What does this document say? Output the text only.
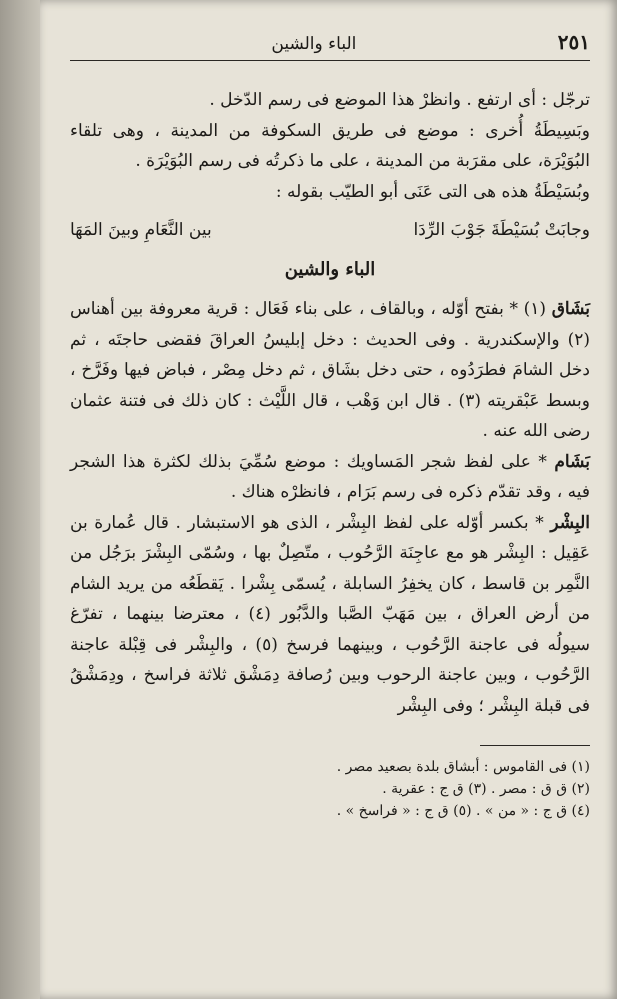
٢٥١
الباء والشين

ترجّل : أى ارتفع . وانظرْ هذا الموضع فى رسم الدّخل .

وبَسِيطَةُ أُخرى : موضع فى طريق السكوفة من المدينة ، وهى تلقاء البُوَيْرَة، على مقرَبة من المدينة ، على ما ذكرتُه فى رسم البُوَيْرَة .

وبُسَيْطَةُ هذه هى التى عَنَى أبو الطيّب بقوله :

وجابَتْ بُسَيْطَةَ جَوْبَ الرِّدَا
بين النَّعَامِ وبينَ المَهَا
الباء والشين

بَشَاق (١) * بفتح أوّله ، وبالقاف ، على بناء فَعَال : قرية معروفة بين أهناس (٢) والإسكندرية . وفى الحديث : دخل إبليسُ العراقَ فقضى حاجتَه ، ثم دخل الشامَ فطرَدُوه ، حتى دخل بشَاق ، ثم دخل مِصْر ، فباض فيها وفَرَّخ ، وبسط عَبْقريته (٣) . قال ابن وَهْب ، قال اللَّيْث : كان ذلك فى فتنة عثمان رضى الله عنه .

بَشَام * على لفظ شجر المَساويك : موضع سُمِّيَ بذلك لكثرة هذا الشجر فيه ، وقد تقدّم ذكره فى رسم بَرَام ، فانظرْه هناك .

البِشْر * بكسر أوّله على لفظ البِشْر ، الذى هو الاستبشار . قال عُمارة بن عَقِيل : البِشْر هو مع عاجِنَة الرَّحُوب ، متّصِلٌ بها ، وسُمّى البِشْرَ برَجُل من النَّمِر بن قاسط ، كان يخفِرُ السابلة ، يُسمّى بِشْرا . يَقطَعُه من يريد الشام من أرض العراق ، بين مَهَبّ الصَّبا والدَّبُور (٤) ، معترضا بينهما ، تفرّغ سيولُه فى عاجنة الرَّحُوب ، وبينهما فرسخ (٥) ، والبِشْر فى قِبْلة عاجنة الرَّحُوب ، وبين عاجنة الرحوب وبين رُصافة دِمَشْق ثلاثة فراسخ ، ودِمَشْقُ فى قبلة البِشْر ؛ وفى البِشْر

(١) فى القاموس : أبشاق بلدة بصعيد مصر .

(٢) ق ق : مصر . (٣) ق ج : عقرية .

(٤) ق ج : « من » . (٥) ق ج : « فراسخ » .
